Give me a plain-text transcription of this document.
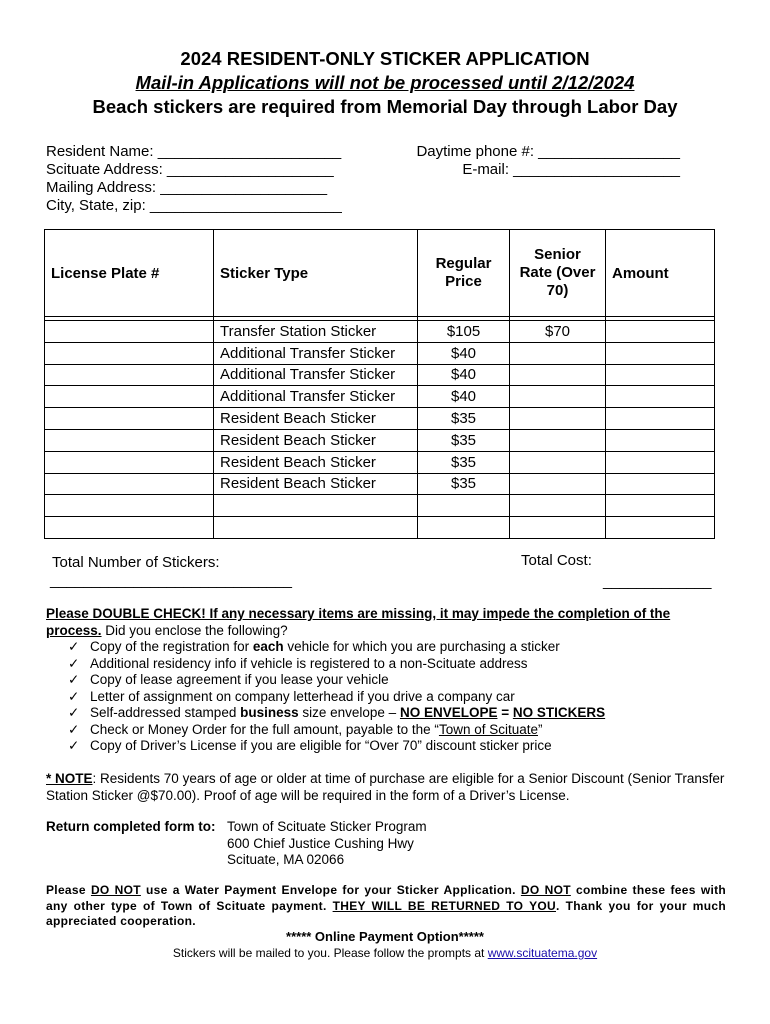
2024 RESIDENT-ONLY STICKER APPLICATION
Mail-in Applications will not be processed until 2/12/2024
Beach stickers are required from Memorial Day through Labor Day
Resident Name: ______________________
Scituate Address: ____________________
Mailing Address: ____________________
City, State, zip: _______________________
Daytime phone #: _________________
E-mail: ____________________
License Plate #	Sticker Type	Regular Price	Senior Rate (Over 70)	Amount

	Transfer Station Sticker	$105	$70	
	Additional Transfer Sticker	$40		
	Additional Transfer Sticker	$40		
	Additional Transfer Sticker	$40		
	Resident Beach Sticker	$35		
	Resident Beach Sticker	$35		
	Resident Beach Sticker	$35		
	Resident Beach Sticker	$35		

Total Number of Stickers:
_____________________________
Total Cost:
_____________
Please DOUBLE CHECK! If any necessary items are missing, it may impede the completion of the process. Did you enclose the following?
✓ Copy of the registration for each vehicle for which you are purchasing a sticker
✓ Additional residency info if vehicle is registered to a non-Scituate address
✓ Copy of lease agreement if you lease your vehicle
✓ Letter of assignment on company letterhead if you drive a company car
✓ Self-addressed stamped business size envelope – NO ENVELOPE = NO STICKERS
✓ Check or Money Order for the full amount, payable to the “Town of Scituate”
✓ Copy of Driver’s License if you are eligible for “Over 70” discount sticker price
* NOTE: Residents 70 years of age or older at time of purchase are eligible for a Senior Discount (Senior Transfer Station Sticker @$70.00). Proof of age will be required in the form of a Driver’s License.
Return completed form to: Town of Scituate Sticker Program
600 Chief Justice Cushing Hwy
Scituate, MA 02066
Please DO NOT use a Water Payment Envelope for your Sticker Application. DO NOT combine these fees with any other type of Town of Scituate payment. THEY WILL BE RETURNED TO YOU. Thank you for your much appreciated cooperation.
***** Online Payment Option*****
Stickers will be mailed to you. Please follow the prompts at www.scituatema.gov
